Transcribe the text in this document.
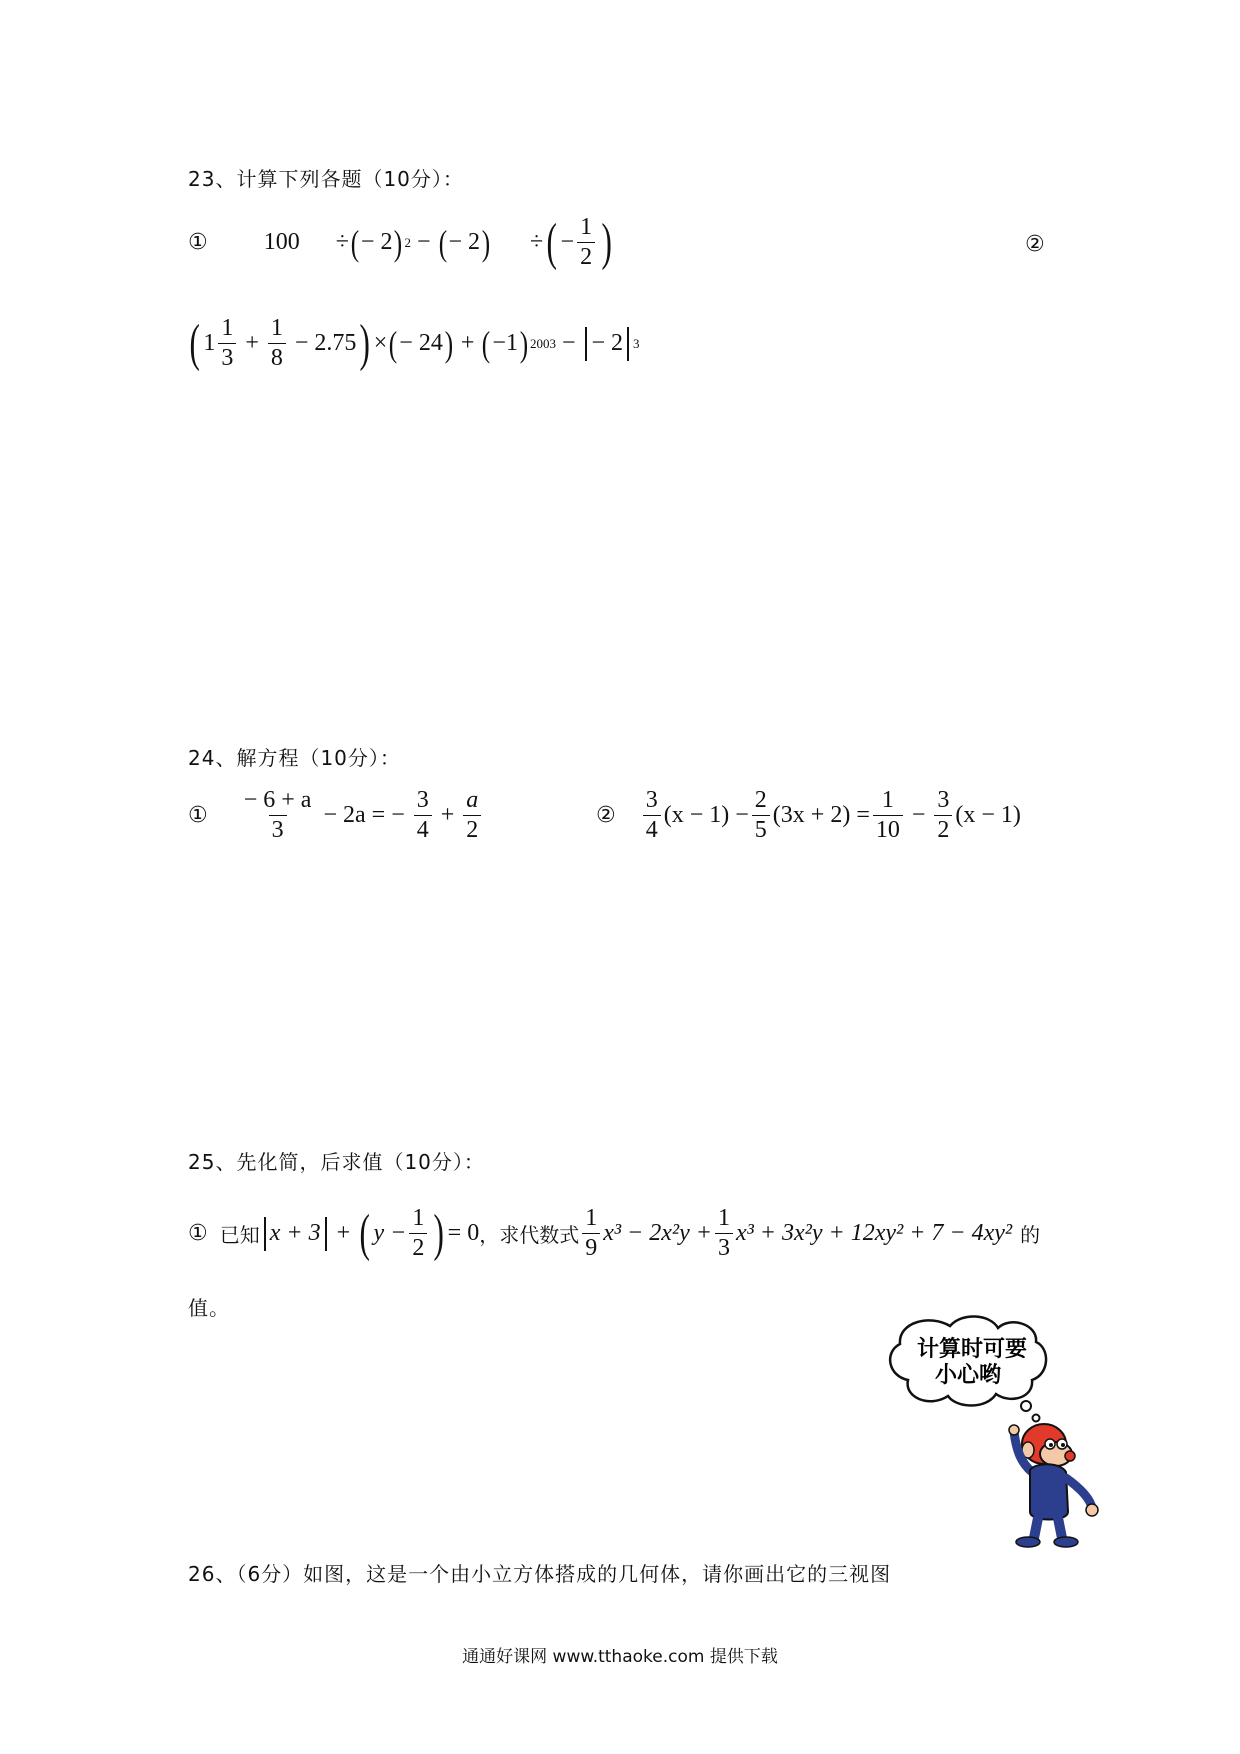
23、计算下列各题（10分）：
① 100 ÷ ( −
2 ) 2 − ( −
2 ) ÷ ( − $\frac{1}{2}$ )	②
( $1 \frac{1}{3} + \frac{1}{8} - 2.75$ ) × ( −
24 ) + ( − 1 ) 2003 − −
2 3
24、解方程（10分）：
① $\frac{- 6 + a}{3} - 2a$ = − $\frac{3}{4} + \frac{a}{2}$	② $\frac{3}{4} (x - 1) - \frac{2}{5} (3x + 2) = \frac{1}{10} - \frac{3}{2} (x - 1)$
25、先化简，后求值（10分）：
① 已知 x + 3 + ( $y - \frac{1}{2}$ ) = 0 ，求代数式 $\frac{1}{9} x^3 - 2x^2y + \frac{1}{3} x^3 + 3x^2y + 12xy^2 + 7 - 4xy^2$ 的
值。
计算时可要
小心哟
26、（6分）如图，这是一个由小立方体搭成的几何体，请你画出它的三视图
通通好课网 www.tthaoke.com 提供下载
